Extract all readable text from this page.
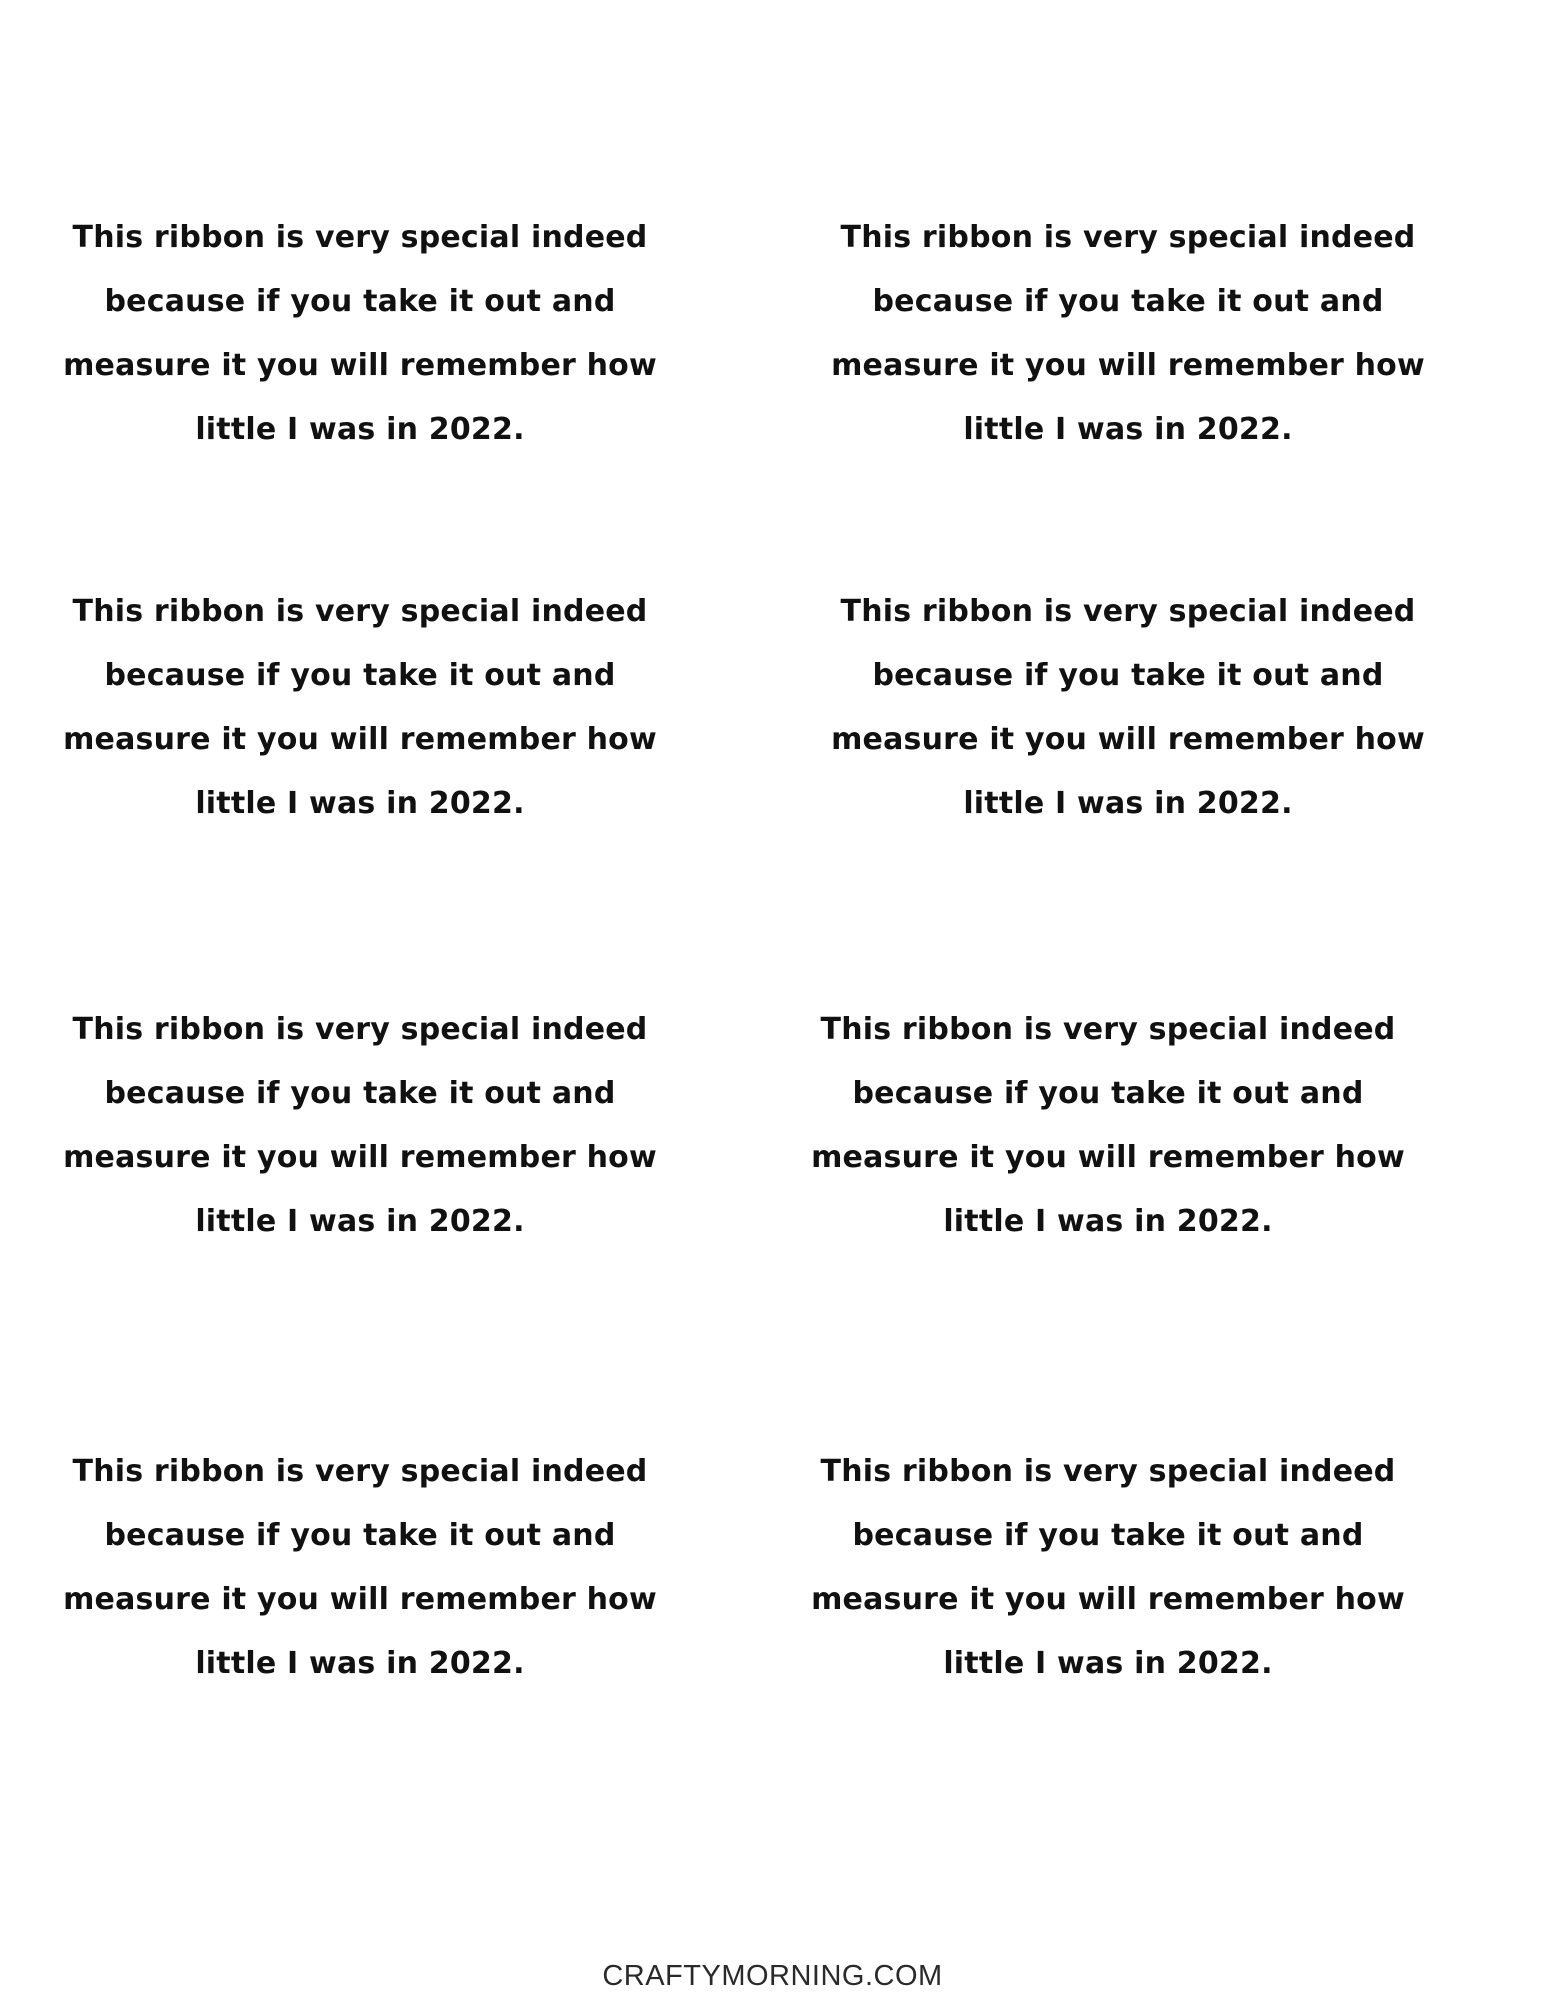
This ribbon is very special indeed
because if you take it out and
measure it you will remember how
little I was in 2022.
This ribbon is very special indeed
because if you take it out and
measure it you will remember how
little I was in 2022.
This ribbon is very special indeed
because if you take it out and
measure it you will remember how
little I was in 2022.
This ribbon is very special indeed
because if you take it out and
measure it you will remember how
little I was in 2022.
This ribbon is very special indeed
because if you take it out and
measure it you will remember how
little I was in 2022.
This ribbon is very special indeed
because if you take it out and
measure it you will remember how
little I was in 2022.
This ribbon is very special indeed
because if you take it out and
measure it you will remember how
little I was in 2022.
This ribbon is very special indeed
because if you take it out and
measure it you will remember how
little I was in 2022.
CRAFTYMORNING.COM
